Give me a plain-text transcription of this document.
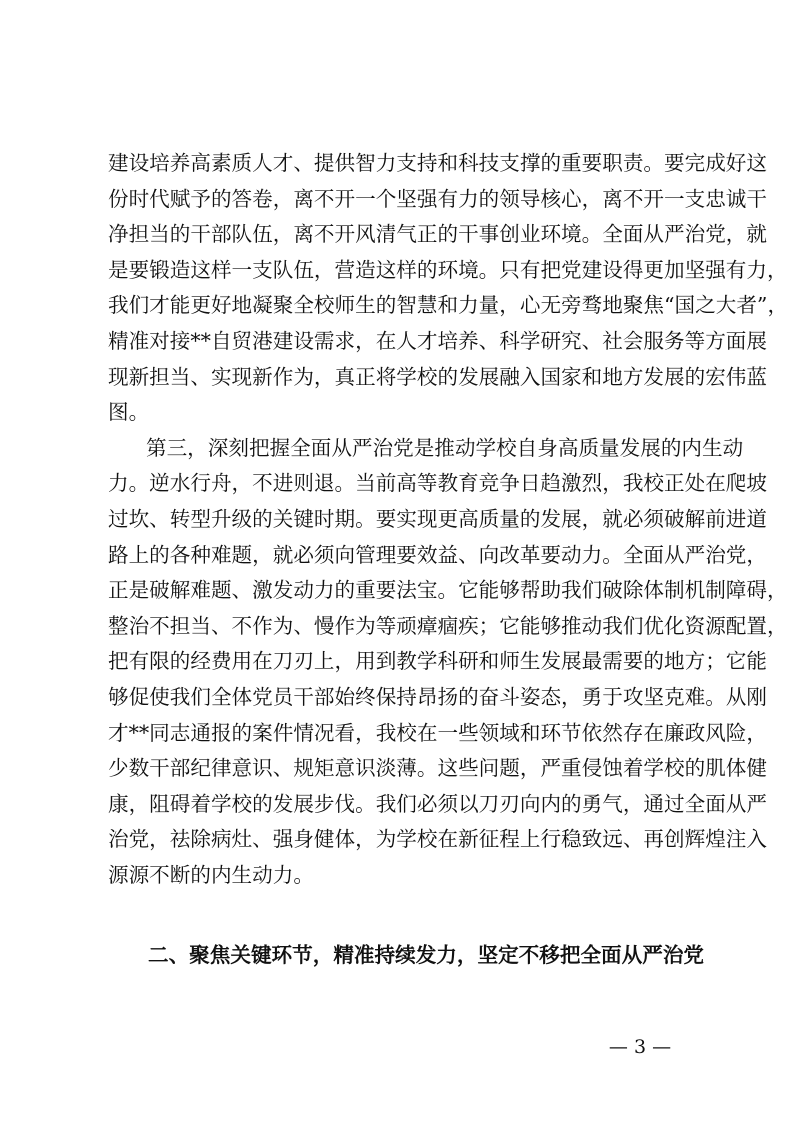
建设培养高素质人才、提供智力支持和科技支撑的重要职责。要完成好这
份时代赋予的答卷，离不开一个坚强有力的领导核心，离不开一支忠诚干
净担当的干部队伍，离不开风清气正的干事创业环境。全面从严治党，就
是要锻造这样一支队伍，营造这样的环境。只有把党建设得更加坚强有力，
我们才能更好地凝聚全校师生的智慧和力量，心无旁骛地聚焦“国之大者”，
精准对接**自贸港建设需求，在人才培养、科学研究、社会服务等方面展
现新担当、实现新作为，真正将学校的发展融入国家和地方发展的宏伟蓝
图。
第三，深刻把握全面从严治党是推动学校自身高质量发展的内生动
力。逆水行舟，不进则退。当前高等教育竞争日趋激烈，我校正处在爬坡
过坎、转型升级的关键时期。要实现更高质量的发展，就必须破解前进道
路上的各种难题，就必须向管理要效益、向改革要动力。全面从严治党，
正是破解难题、激发动力的重要法宝。它能够帮助我们破除体制机制障碍，
整治不担当、不作为、慢作为等顽瘴痼疾；它能够推动我们优化资源配置，
把有限的经费用在刀刃上，用到教学科研和师生发展最需要的地方；它能
够促使我们全体党员干部始终保持昂扬的奋斗姿态，勇于攻坚克难。从刚
才**同志通报的案件情况看，我校在一些领域和环节依然存在廉政风险，
少数干部纪律意识、规矩意识淡薄。这些问题，严重侵蚀着学校的肌体健
康，阻碍着学校的发展步伐。我们必须以刀刃向内的勇气，通过全面从严
治党，祛除病灶、强身健体，为学校在新征程上行稳致远、再创辉煌注入
源源不断的内生动力。
二、聚焦关键环节，精准持续发力，坚定不移把全面从严治党
— 3 —
